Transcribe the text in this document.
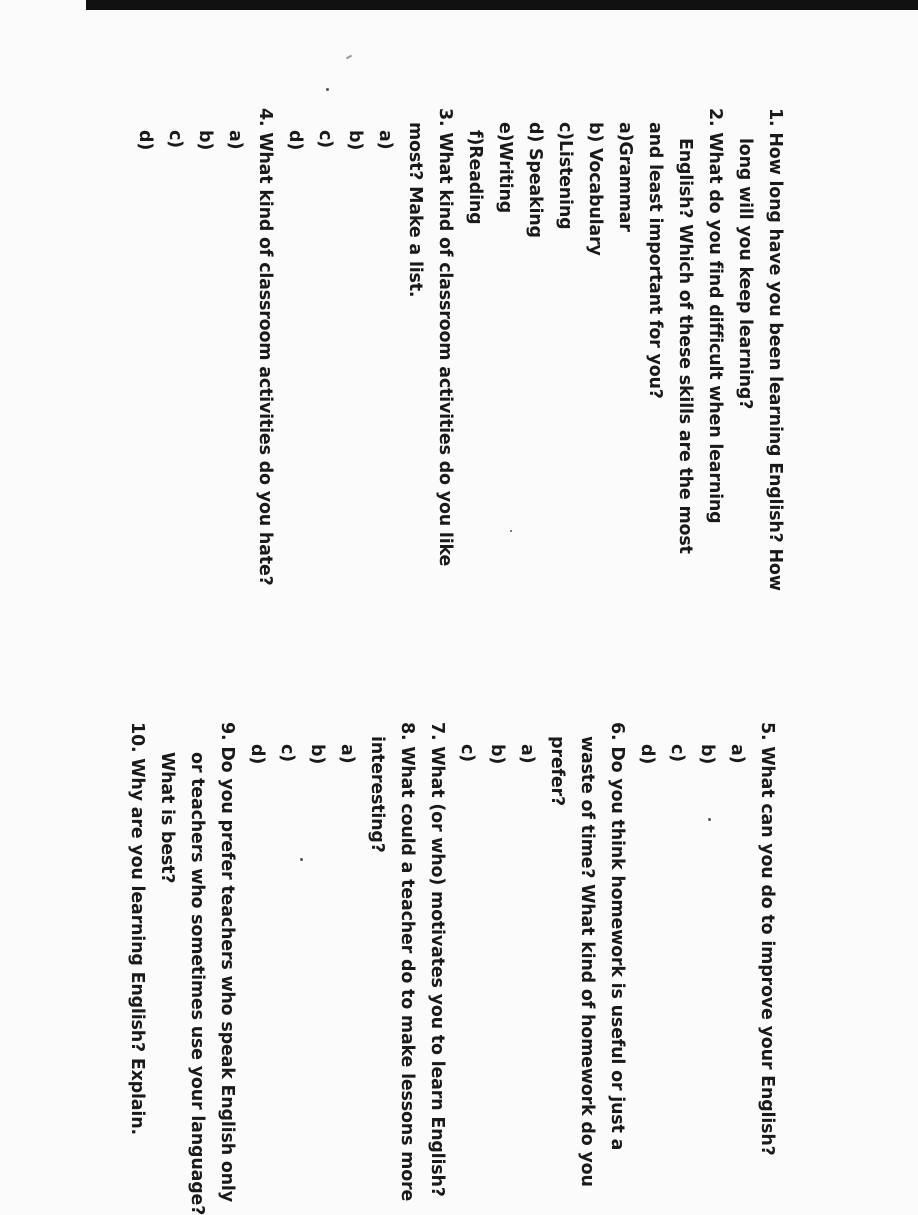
1. How long have you been learning English? How
long will you keep learning?
2. What do you find difficult when learning
English? Which of these skills are the most
and least important for you?
a)Grammar
b) Vocabulary
c)Listening
d) Speaking
e)Writing
f)Reading
3. What kind of classroom activities do you like
most? Make a list.
a)
b)
c)
d)
4. What kind of classroom activities do you hate?
a)
b)
c)
d)
5. What can you do to improve your English?
a)
b)
c)
d)
6. Do you think homework is useful or just a
waste of time? What kind of homework do you
prefer?
a)
b)
c)
7. What (or who) motivates you to learn English?
8. What could a teacher do to make lessons more
interesting?
a)
b)
c)
d)
9. Do you prefer teachers who speak English only
or teachers who sometimes use your language?
What is best?
10. Why are you learning English? Explain.
